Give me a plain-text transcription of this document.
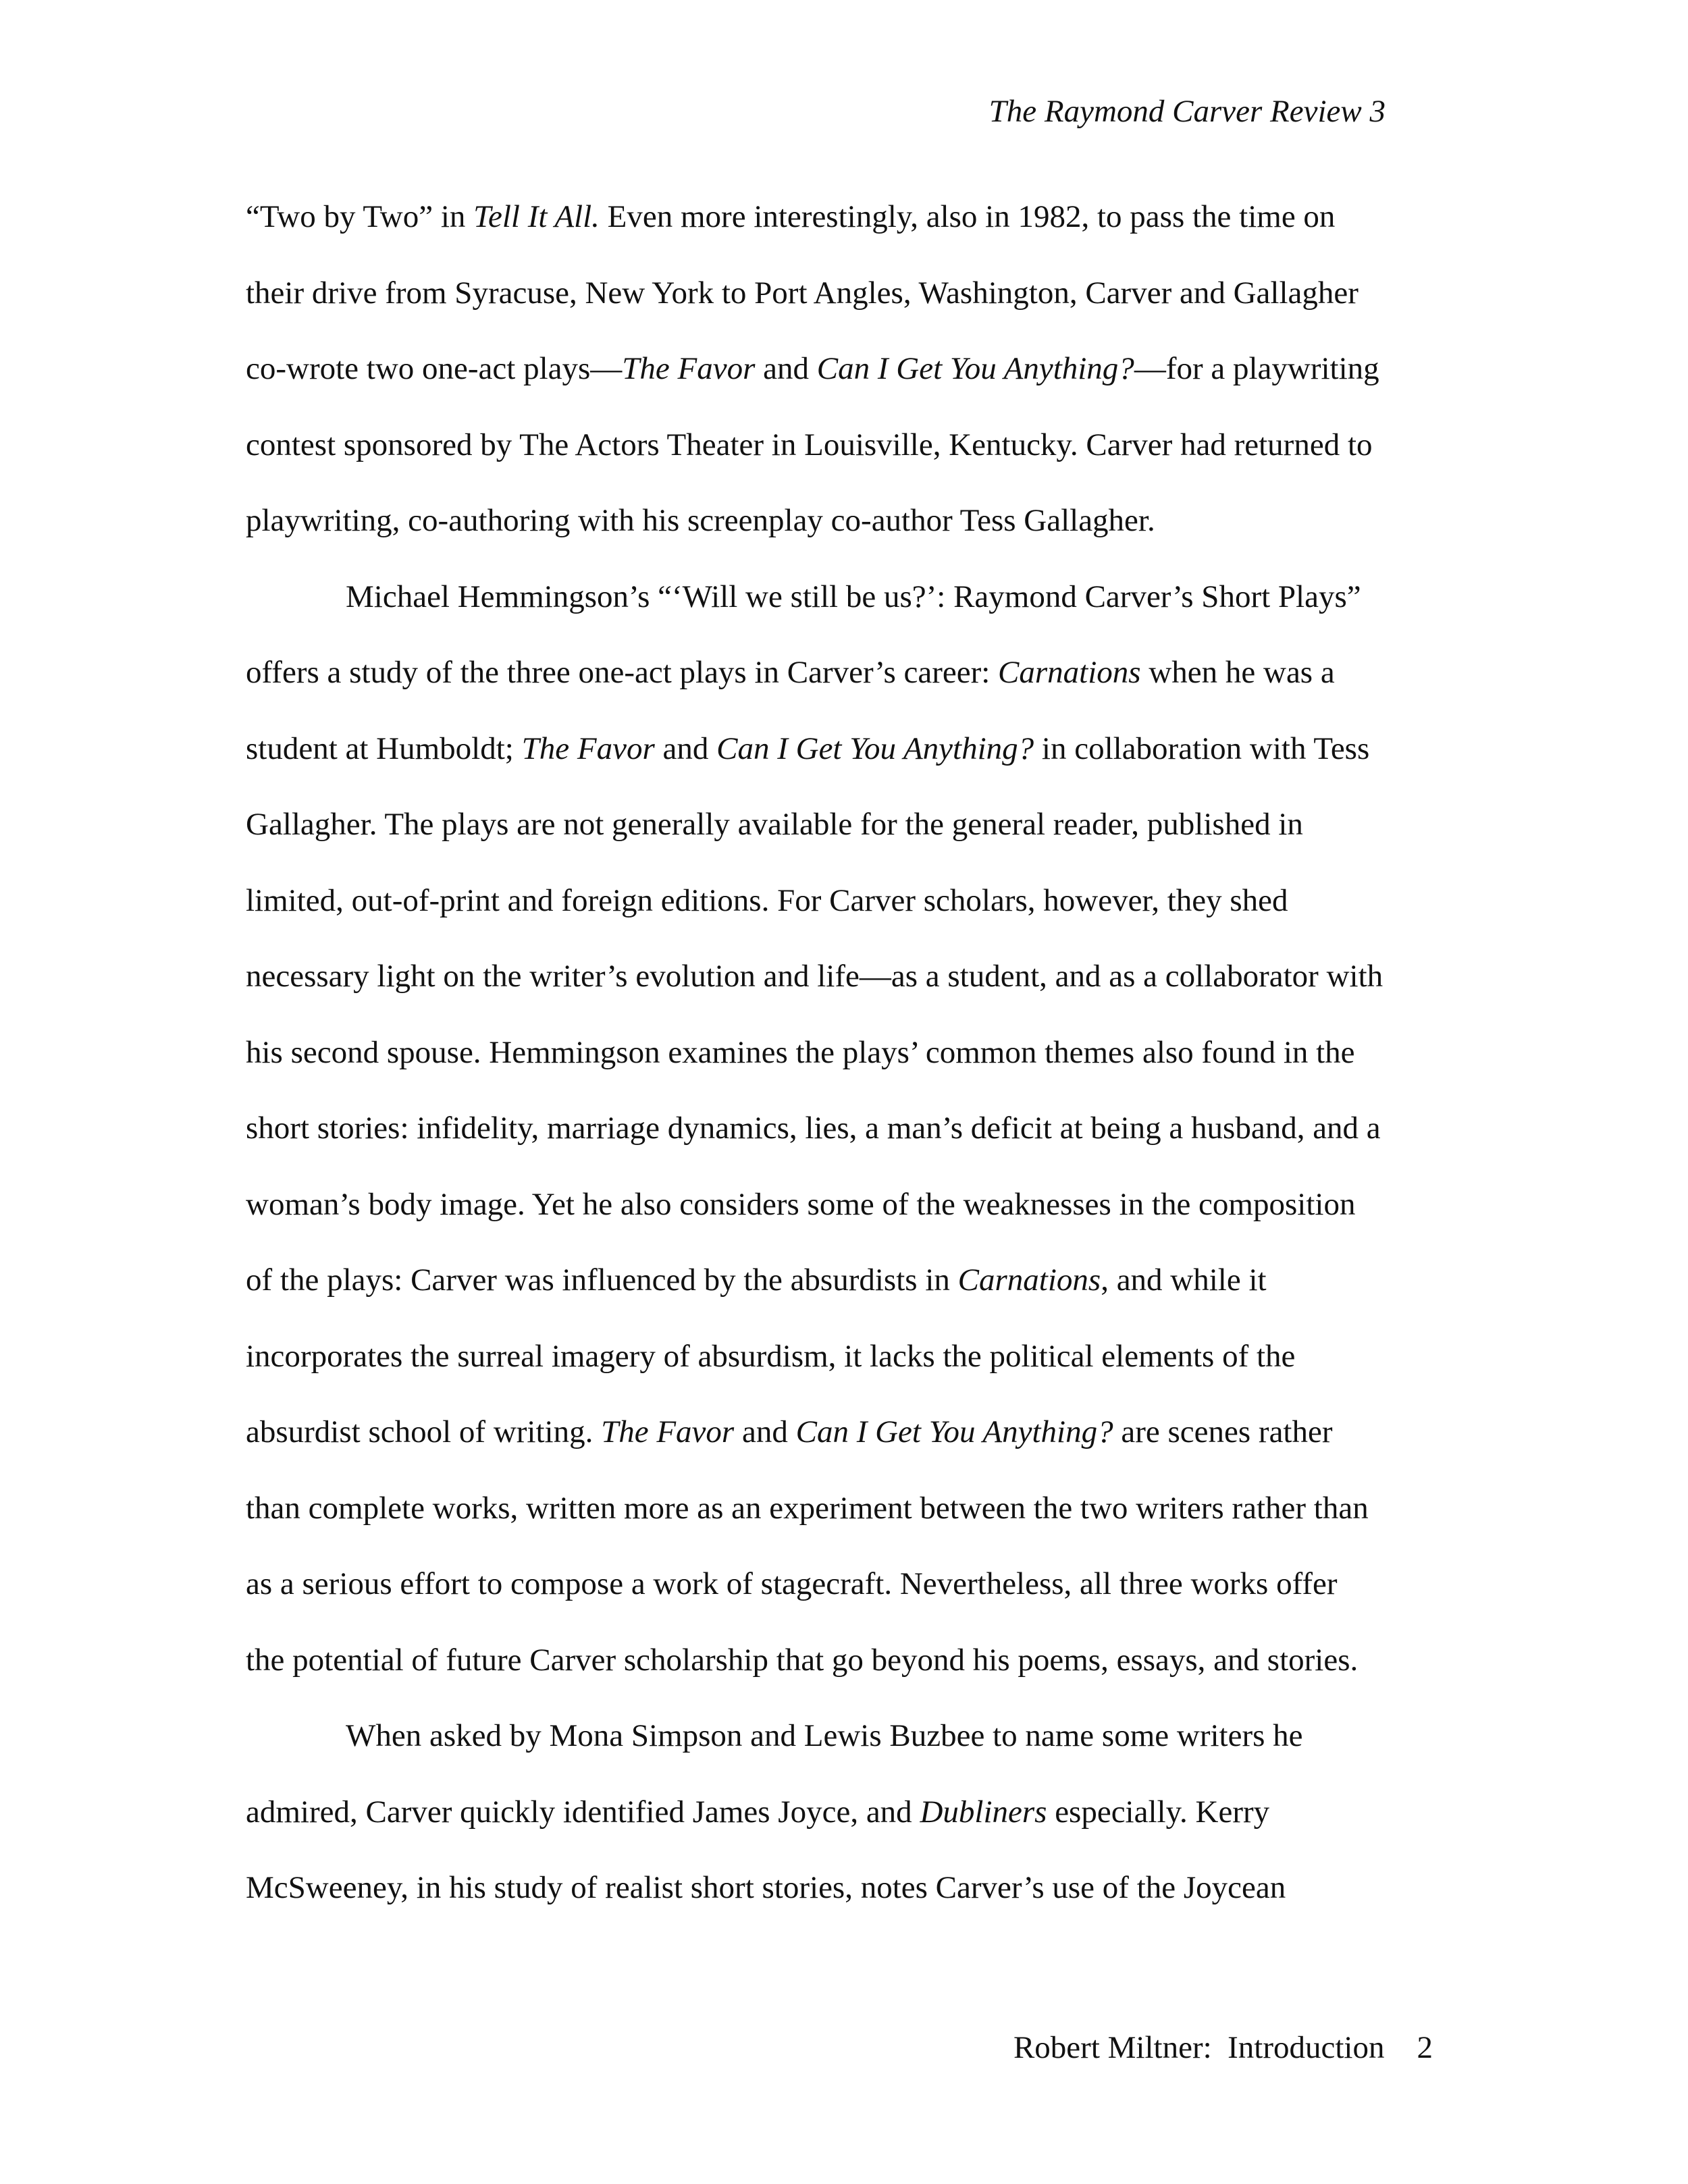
The Raymond Carver Review 3
“Two by Two” in Tell It All. Even more interestingly, also in 1982, to pass the time on
their drive from Syracuse, New York to Port Angles, Washington, Carver and Gallagher
co-wrote two one-act plays—The Favor and Can I Get You Anything?—for a playwriting
contest sponsored by The Actors Theater in Louisville, Kentucky. Carver had returned to
playwriting, co-authoring with his screenplay co-author Tess Gallagher.
Michael Hemmingson’s “‘Will we still be us?’: Raymond Carver’s Short Plays”
offers a study of the three one-act plays in Carver’s career: Carnations when he was a
student at Humboldt; The Favor and Can I Get You Anything? in collaboration with Tess
Gallagher. The plays are not generally available for the general reader, published in
limited, out-of-print and foreign editions. For Carver scholars, however, they shed
necessary light on the writer’s evolution and life—as a student, and as a collaborator with
his second spouse. Hemmingson examines the plays’ common themes also found in the
short stories: infidelity, marriage dynamics, lies, a man’s deficit at being a husband, and a
woman’s body image. Yet he also considers some of the weaknesses in the composition
of the plays: Carver was influenced by the absurdists in Carnations, and while it
incorporates the surreal imagery of absurdism, it lacks the political elements of the
absurdist school of writing. The Favor and Can I Get You Anything? are scenes rather
than complete works, written more as an experiment between the two writers rather than
as a serious effort to compose a work of stagecraft. Nevertheless, all three works offer
the potential of future Carver scholarship that go beyond his poems, essays, and stories.
When asked by Mona Simpson and Lewis Buzbee to name some writers he
admired, Carver quickly identified James Joyce, and Dubliners especially. Kerry
McSweeney, in his study of realist short stories, notes Carver’s use of the Joycean
Robert Miltner:  Introduction 2
